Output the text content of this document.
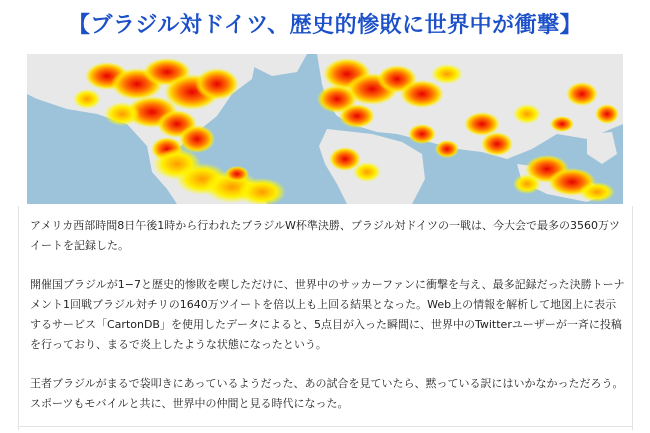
【ブラジル対ドイツ、歴史的惨敗に世界中が衝撃】

アメリカ西部時間8日午後1時から行われたブラジルW杯準決勝、ブラジル対ドイツの一戦は、今大会で最多の3560万ツイートを記録した。

開催国ブラジルが1−7と歴史的惨敗を喫しただけに、世界中のサッカーファンに衝撃を与え、最多記録だった決勝トーナメント1回戦ブラジル対チリの1640万ツイートを倍以上も上回る結果となった。Web上の情報を解析して地図上に表示するサービス「CartonDB」を使用したデータによると、5点目が入った瞬間に、世界中のTwitterユーザーが一斉に投稿を行っており、まるで炎上したような状態になったという。

王者ブラジルがまるで袋叩きにあっているようだった、あの試合を見ていたら、黙っている訳にはいかなかっただろう。スポーツもモバイルと共に、世界中の仲間と見る時代になった。
